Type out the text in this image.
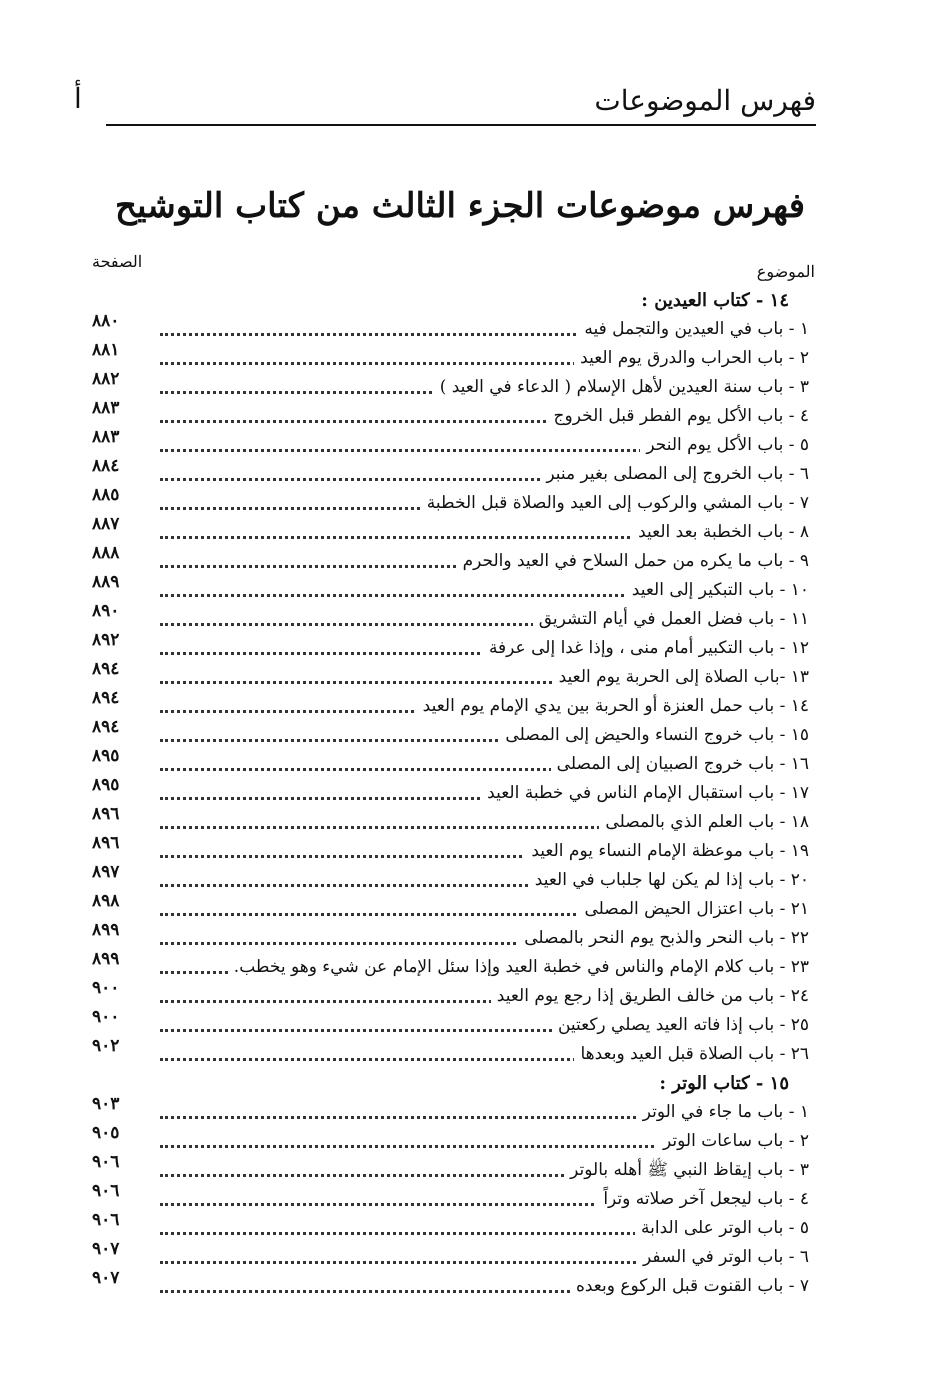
فهرس الموضوعات
أ
فهرس موضوعات الجزء الثالث من كتاب التوشيح
الموضوع
الصفحة
١٤ - كتاب العيدين :
١ - باب في العيدين والتجمل فيه
٨٨٠
٢ - باب الحراب والدرق يوم العيد
٨٨١
٣ - باب سنة العيدين لأهل الإسلام ( الدعاء في العيد )
٨٨٢
٤ - باب الأكل يوم الفطر قبل الخروج
٨٨٣
٥ - باب الأكل يوم النحر
٨٨٣
٦ - باب الخروج إلى المصلى بغير منبر
٨٨٤
٧ - باب المشي والركوب إلى العيد والصلاة قبل الخطبة
٨٨٥
٨ - باب الخطبة بعد العيد
٨٨٧
٩ - باب ما يكره من حمل السلاح في العيد والحرم
٨٨٨
١٠ - باب التبكير إلى العيد
٨٨٩
١١ - باب فضل العمل في أيام التشريق
٨٩٠
١٢ - باب التكبير أمام منى ، وإذا غدا إلى عرفة
٨٩٢
١٣ -باب الصلاة إلى الحربة يوم العيد
٨٩٤
١٤ - باب حمل العنزة أو الحربة بين يدي الإمام يوم العيد
٨٩٤
١٥ - باب خروج النساء والحيض إلى المصلى
٨٩٤
١٦ - باب خروج الصبيان إلى المصلى
٨٩٥
١٧ - باب استقبال الإمام الناس في خطبة العيد
٨٩٥
١٨ - باب العلم الذي بالمصلى
٨٩٦
١٩ - باب موعظة الإمام النساء يوم العيد
٨٩٦
٢٠ - باب إذا لم يكن لها جلباب في العيد
٨٩٧
٢١ - باب اعتزال الحيض المصلى
٨٩٨
٢٢ - باب النحر والذبح يوم النحر بالمصلى
٨٩٩
٢٣ - باب كلام الإمام والناس في خطبة العيد وإذا سئل الإمام عن شيء وهو يخطب.
٨٩٩
٢٤ - باب من خالف الطريق إذا رجع يوم العيد
٩٠٠
٢٥ - باب إذا فاته العيد يصلي ركعتين
٩٠٠
٢٦ - باب الصلاة قبل العيد وبعدها
٩٠٢
١٥ - كتاب الوتر :
١ - باب ما جاء في الوتر
٩٠٣
٢ - باب ساعات الوتر
٩٠٥
٣ - باب إيقاظ النبي ﷺ أهله بالوتر
٩٠٦
٤ - باب ليجعل آخر صلاته وتراً
٩٠٦
٥ - باب الوتر على الدابة
٩٠٦
٦ - باب الوتر في السفر
٩٠٧
٧ - باب القنوت قبل الركوع وبعده
٩٠٧
